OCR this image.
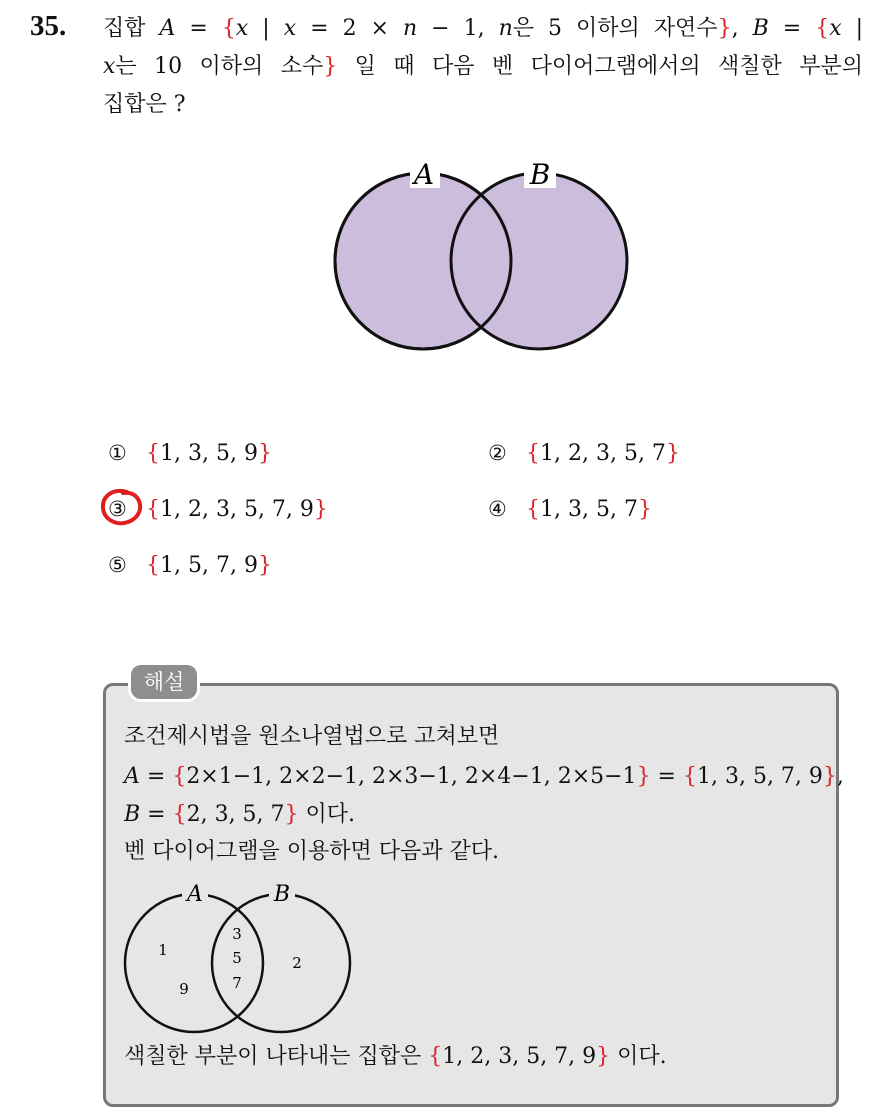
35. 집합 A = {x | x = 2 × n − 1, n은 5 이하의 자연수}, B = {x |
x는 10 이하의 소수} 일 때 다음 벤 다이어그램에서의 색칠한 부분의
집합은 ?
A	B
① {1, 3, 5, 9}	② {1, 2, 3, 5, 7}
③ {1, 2, 3, 5, 7, 9}	④ {1, 3, 5, 7}
⑤ {1, 5, 7, 9}
해설
조건제시법을 원소나열법으로 고쳐보면
A = {2×1−1, 2×2−1, 2×3−1, 2×4−1, 2×5−1} = {1, 3, 5, 7, 9},
B = {2, 3, 5, 7} 이다.
벤 다이어그램을 이용하면 다음과 같다.
A	B
1
9
3
5
7
2
색칠한 부분이 나타내는 집합은 {1, 2, 3, 5, 7, 9} 이다.
